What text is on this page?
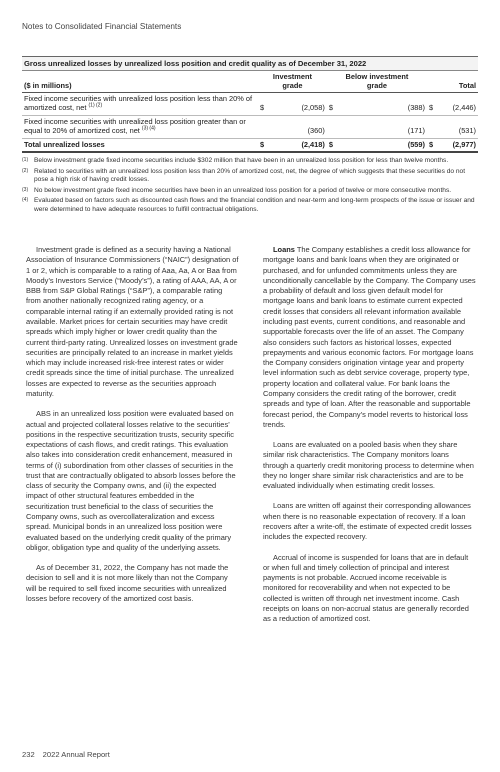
Notes to Consolidated Financial Statements
Gross unrealized losses by unrealized loss position and credit quality as of December 31, 2022
($ in millions)	Investment grade		Below investment grade		Total	
Fixed income securities with unrealized loss position less than 20% of amortized cost, net $^{(1) (2)}$	$	(2,058)	$	(388)	$	(2,446)
Fixed income securities with unrealized loss position greater than or equal to 20% of amortized cost, net $^{(3) (4)}$		(360)		(171)		(531)
Total unrealized losses	$	(2,418)	$	(559)	$	(2,977)
(1) Below investment grade fixed income securities include $302 million that have been in an unrealized loss position for less than twelve months.
(2) Related to securities with an unrealized loss position less than 20% of amortized cost, net, the degree of which suggests that these securities do not pose a high risk of having credit losses.
(3) No below investment grade fixed income securities have been in an unrealized loss position for a period of twelve or more consecutive months.
(4) Evaluated based on factors such as discounted cash flows and the financial condition and near-term and long-term prospects of the issue or issuer and were determined to have adequate resources to fulfill contractual obligations.

Investment grade is defined as a security having a National Association of Insurance Commissioners (“NAIC”) designation of 1 or 2, which is comparable to a rating of Aaa, Aa, A or Baa from Moody’s Investors Service (“Moody’s”), a rating of AAA, AA, A or BBB from S&P Global Ratings (“S&P”), a comparable rating from another nationally recognized rating agency, or a comparable internal rating if an externally provided rating is not available. Market prices for certain securities may have credit spreads which imply higher or lower credit quality than the current third-party rating. Unrealized losses on investment grade securities are principally related to an increase in market yields which may include increased risk-free interest rates or wider credit spreads since the time of initial purchase. The unrealized losses are expected to reverse as the securities approach maturity.

ABS in an unrealized loss position were evaluated based on actual and projected collateral losses relative to the securities’ positions in the respective securitization trusts, security specific expectations of cash flows, and credit ratings. This evaluation also takes into consideration credit enhancement, measured in terms of (i) subordination from other classes of securities in the trust that are contractually obligated to absorb losses before the class of security the Company owns, and (ii) the expected impact of other structural features embedded in the securitization trust beneficial to the class of securities the Company owns, such as overcollateralization and excess spread. Municipal bonds in an unrealized loss position were evaluated based on the underlying credit quality of the primary obligor, obligation type and quality of the underlying assets.

As of December 31, 2022, the Company has not made the decision to sell and it is not more likely than not the Company will be required to sell fixed income securities with unrealized losses before recovery of the amortized cost basis.

Loans The Company establishes a credit loss allowance for mortgage loans and bank loans when they are originated or purchased, and for unfunded commitments unless they are unconditionally cancellable by the Company. The Company uses a probability of default and loss given default model for mortgage loans and bank loans to estimate current expected credit losses that considers all relevant information available including past events, current conditions, and reasonable and supportable forecasts over the life of an asset. The Company also considers such factors as historical losses, expected prepayments and various economic factors. For mortgage loans the Company considers origination vintage year and property level information such as debt service coverage, property type, property location and collateral value. For bank loans the Company considers the credit rating of the borrower, credit spreads and type of loan. After the reasonable and supportable forecast period, the Company’s model reverts to historical loss trends.

Loans are evaluated on a pooled basis when they share similar risk characteristics. The Company monitors loans through a quarterly credit monitoring process to determine when they no longer share similar risk characteristics and are to be evaluated individually when estimating credit losses.

Loans are written off against their corresponding allowances when there is no reasonable expectation of recovery. If a loan recovers after a write-off, the estimate of expected credit losses includes the expected recovery.

Accrual of income is suspended for loans that are in default or when full and timely collection of principal and interest payments is not probable. Accrued income receivable is monitored for recoverability and when not expected to be collected is written off through net investment income. Cash receipts on loans on non-accrual status are generally recorded as a reduction of amortized cost.

232 2022 Annual Report
